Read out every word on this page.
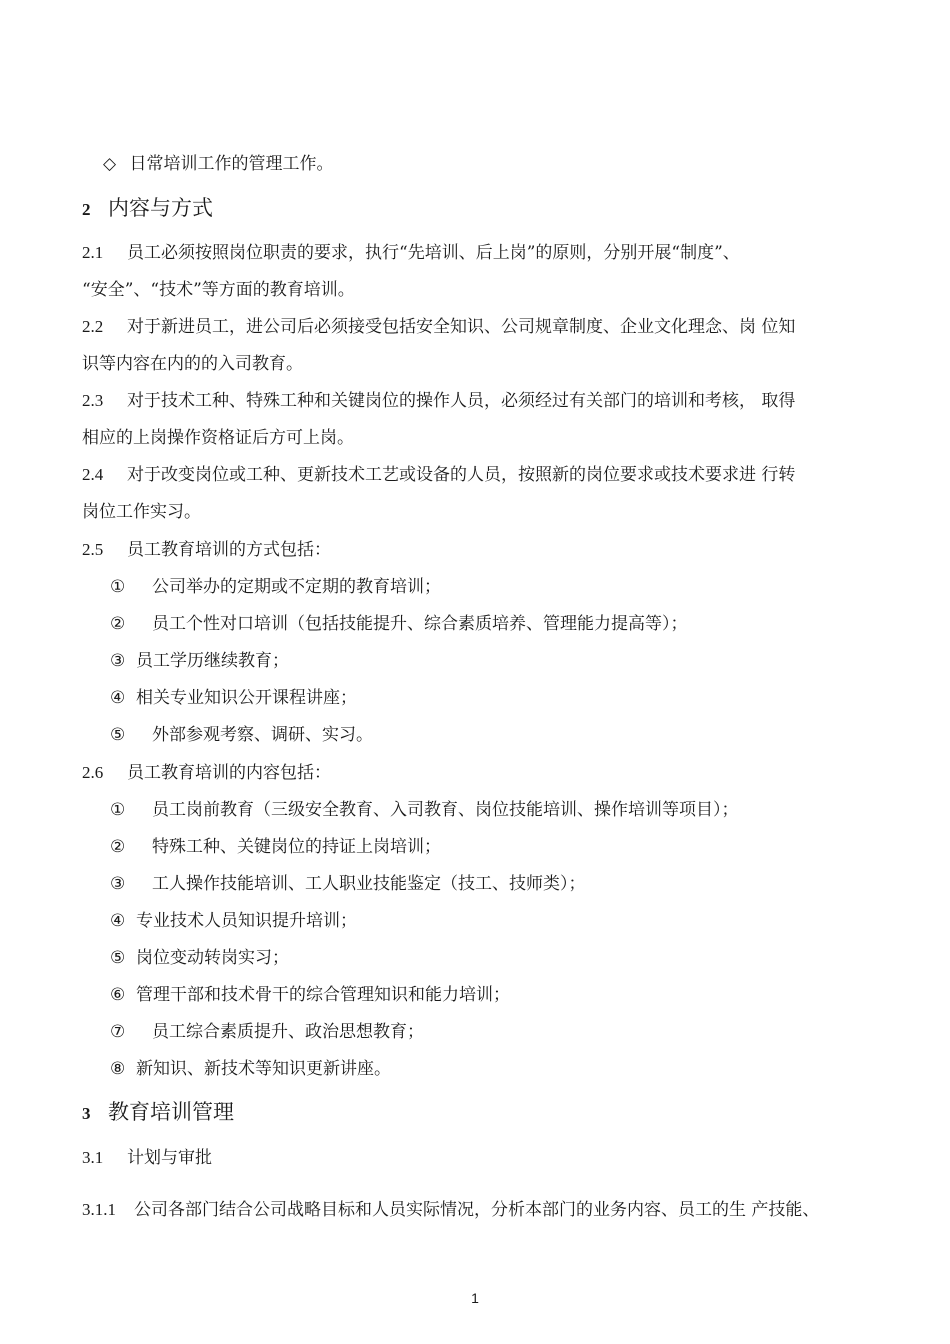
◇ 日常培训工作的管理工作。
2 内容与方式
2.1 员工必须按照岗位职责的要求，执行“先培训、后上岗”的原则，分别开展“制度”、
“安全”、“技术”等方面的教育培训。
2.2 对于新进员工，进公司后必须接受包括安全知识、公司规章制度、企业文化理念、岗 位知
识等内容在内的的入司教育。
2.3 对于技术工种、特殊工种和关键岗位的操作人员，必须经过有关部门的培训和考核， 取得
相应的上岗操作资格证后方可上岗。
2.4 对于改变岗位或工种、更新技术工艺或设备的人员，按照新的岗位要求或技术要求进 行转
岗位工作实习。
2.5 员工教育培训的方式包括：
① 公司举办的定期或不定期的教育培训；
② 员工个性对口培训（包括技能提升、综合素质培养、管理能力提高等）；
③ 员工学历继续教育；
④ 相关专业知识公开课程讲座；
⑤ 外部参观考察、调研、实习。
2.6 员工教育培训的内容包括：
① 员工岗前教育（三级安全教育、入司教育、岗位技能培训、操作培训等项目）；
② 特殊工种、关键岗位的持证上岗培训；
③ 工人操作技能培训、工人职业技能鉴定（技工、技师类）；
④ 专业技术人员知识提升培训；
⑤ 岗位变动转岗实习；
⑥ 管理干部和技术骨干的综合管理知识和能力培训；
⑦ 员工综合素质提升、政治思想教育；
⑧ 新知识、新技术等知识更新讲座。
3 教育培训管理
3.1 计划与审批
3.1.1 公司各部门结合公司战略目标和人员实际情况，分析本部门的业务内容、员工的生 产技能、
1
